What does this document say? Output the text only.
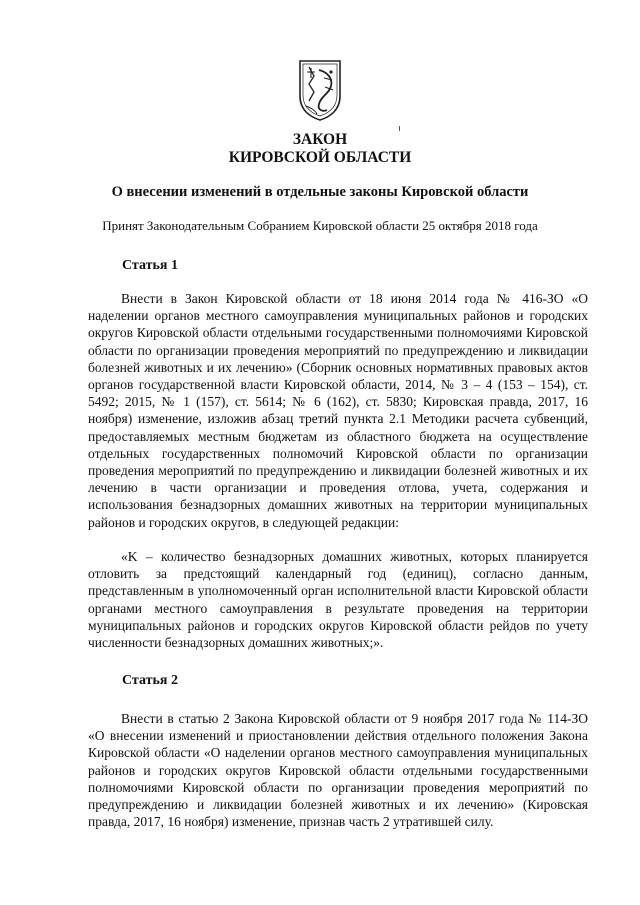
ЗАКОН
КИРОВСКОЙ ОБЛАСТИ
О внесении изменений в отдельные законы Кировской области
Принят Законодательным Собранием Кировской области 25 октября 2018 года
Статья 1
Внести в Закон Кировской области от 18 июня 2014 года № 416-ЗО «О наделении органов местного самоуправления муниципальных районов и городских округов Кировской области отдельными государственными полномочиями Кировской области по организации проведения мероприятий по предупреждению и ликвидации болезней животных и их лечению» (Сборник основных нормативных правовых актов органов государственной власти Кировской области, 2014, № 3 – 4 (153 – 154), ст. 5492; 2015, № 1 (157), ст. 5614; № 6 (162), ст. 5830; Кировская правда, 2017, 16 ноября) изменение, изложив абзац третий пункта 2.1 Методики расчета субвенций, предоставляемых местным бюджетам из областного бюджета на осуществление отдельных государственных полномочий Кировской области по организации проведения мероприятий по предупреждению и ликвидации болезней животных и их лечению в части организации и проведения отлова, учета, содержания и использования безнадзорных домашних животных на территории муниципальных районов и городских округов, в следующей редакции:
«K – количество безнадзорных домашних животных, которых планируется отловить за предстоящий календарный год (единиц), согласно данным, представленным в уполномоченный орган исполнительной власти Кировской области органами местного самоуправления в результате проведения на территории муниципальных районов и городских округов Кировской области рейдов по учету численности безнадзорных домашних животных;».
Статья 2
Внести в статью 2 Закона Кировской области от 9 ноября 2017 года № 114-ЗО «О внесении изменений и приостановлении действия отдельного положения Закона Кировской области «О наделении органов местного самоуправления муниципальных районов и городских округов Кировской области отдельными государственными полномочиями Кировской области по организации проведения мероприятий по предупреждению и ликвидации болезней животных и их лечению» (Кировская правда, 2017, 16 ноября) изменение, признав часть 2 утратившей силу.
